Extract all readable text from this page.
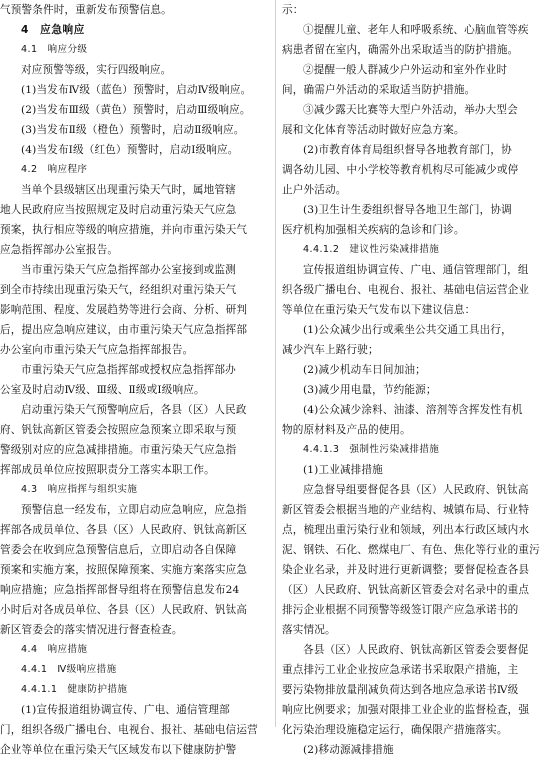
气预警条件时，重新发布预警信息。
4　应急响应
4.1　响应分级
对应预警等级，实行四级响应。
(1)当发布Ⅳ级（蓝色）预警时，启动Ⅳ级响应。
(2)当发布Ⅲ级（黄色）预警时，启动Ⅲ级响应。
(3)当发布Ⅱ级（橙色）预警时，启动Ⅱ级响应。
(4)当发布Ⅰ级（红色）预警时，启动Ⅰ级响应。
4.2　响应程序
当单个县级辖区出现重污染天气时，属地管辖
地人民政府应当按照规定及时启动重污染天气应急
预案，执行相应等级的响应措施，并向市重污染天气
应急指挥部办公室报告。
当市重污染天气应急指挥部办公室接到或监测
到全市持续出现重污染天气，经组织对重污染天气
影响范围、程度、发展趋势等进行会商、分析、研判
后，提出应急响应建议，由市重污染天气应急指挥部
办公室向市重污染天气应急指挥部报告。
市重污染天气应急指挥部或授权应急指挥部办
公室及时启动Ⅳ级、Ⅲ级、Ⅱ级或Ⅰ级响应。
启动重污染天气预警响应后，各县（区）人民政
府、钒钛高新区管委会按照应急预案立即采取与预
警级别对应的应急减排措施。市重污染天气应急指
挥部成员单位应按照职责分工落实本职工作。
4.3　响应指挥与组织实施
预警信息一经发布，立即启动应急响应，应急指
挥部各成员单位、各县（区）人民政府、钒钛高新区
管委会在收到应急预警信息后，立即启动各自保障
预案和实施方案，按照保障预案、实施方案落实应急
响应措施；应急指挥部督导组将在预警信息发布24
小时后对各成员单位、各县（区）人民政府、钒钛高
新区管委会的落实情况进行督查检查。
4.4　响应措施
4.4.1　Ⅳ级响应措施
4.4.1.1　健康防护措施
(1)宣传报道组协调宣传、广电、通信管理部
门，组织各级广播电台、电视台、报社、基础电信运营
企业等单位在重污染天气区域发布以下健康防护警
示：
①提醒儿童、老年人和呼吸系统、心脑血管等疾
病患者留在室内，确需外出采取适当的防护措施。
②提醒一般人群减少户外运动和室外作业时
间，确需户外活动的采取适当防护措施。
③减少露天比赛等大型户外活动，举办大型会
展和文化体育等活动时做好应急方案。
(2)市教育体育局组织督导各地教育部门，协
调各幼儿园、中小学校等教育机构尽可能减少或停
止户外活动。
(3)卫生计生委组织督导各地卫生部门，协调
医疗机构加强相关疾病的急诊和门诊。
4.4.1.2　建议性污染减排措施
宣传报道组协调宣传、广电、通信管理部门，组
织各级广播电台、电视台、报社、基础电信运营企业
等单位在重污染天气发布以下建议信息：
(1)公众减少出行或乘坐公共交通工具出行，
减少汽车上路行驶；
(2)减少机动车日间加油；
(3)减少用电量，节约能源；
(4)公众减少涂料、油漆、溶剂等含挥发性有机
物的原材料及产品的使用。
4.4.1.3　强制性污染减排措施
(1)工业减排措施
应急督导组要督促各县（区）人民政府、钒钛高
新区管委会根据当地的产业结构、城镇布局、行业特
点，梳理出重污染行业和领域，列出本行政区域内水
泥、钢铁、石化、燃煤电厂、有色、焦化等行业的重污
染企业名录，并及时进行更新调整；要督促检查各县
（区）人民政府、钒钛高新区管委会对名录中的重点
排污企业根据不同预警等级签订限产应急承诺书的
落实情况。
各县（区）人民政府、钒钛高新区管委会要督促
重点排污工业企业按应急承诺书采取限产措施，主
要污染物排放量削减负荷达到各地应急承诺书Ⅳ级
响应比例要求；加强对限排工业企业的监督检查，强
化污染治理设施稳定运行，确保限产措施落实。
(2)移动源减排措施
